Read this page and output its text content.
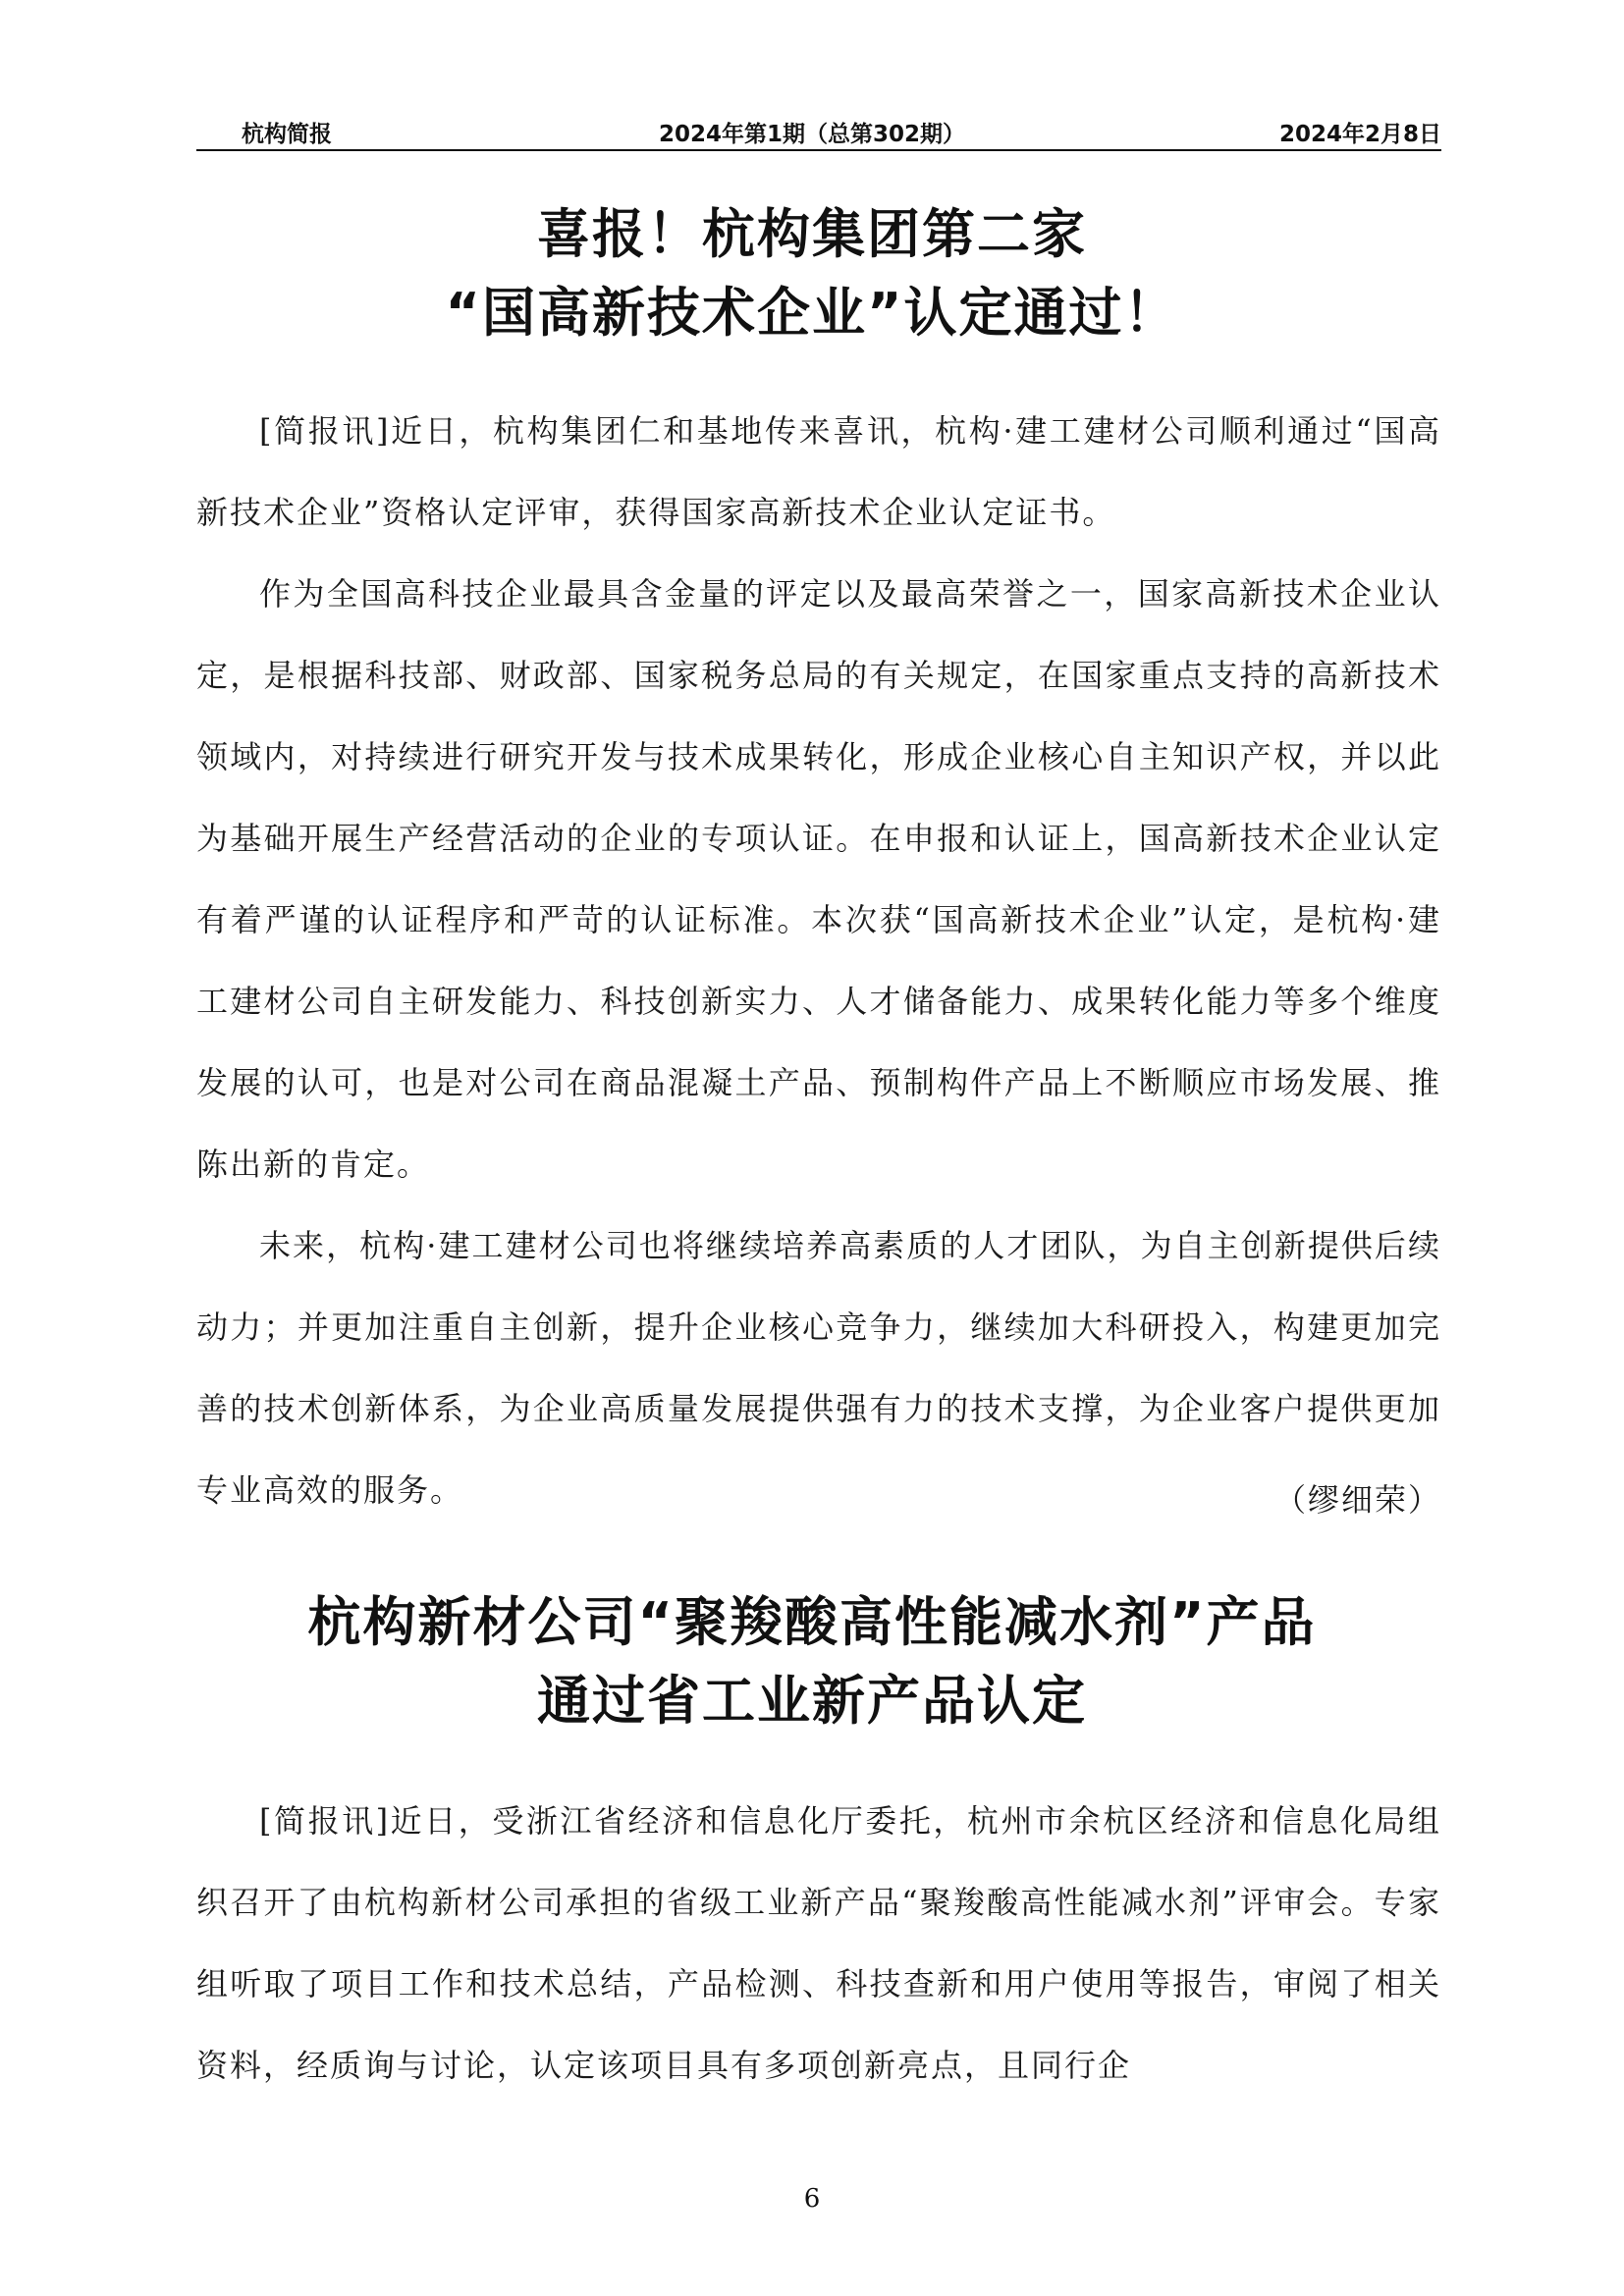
杭构简报	2024年第1期（总第302期）	2024年2月8日
喜报！杭构集团第二家
“国高新技术企业”认定通过！

[简报讯]近日，杭构集团仁和基地传来喜讯，杭构·建工建材公司顺利通过“国高新技术企业”资格认定评审，获得国家高新技术企业认定证书。

作为全国高科技企业最具含金量的评定以及最高荣誉之一，国家高新技术企业认定，是根据科技部、财政部、国家税务总局的有关规定，在国家重点支持的高新技术领域内，对持续进行研究开发与技术成果转化，形成企业核心自主知识产权，并以此为基础开展生产经营活动的企业的专项认证。在申报和认证上，国高新技术企业认定有着严谨的认证程序和严苛的认证标准。本次获“国高新技术企业”认定，是杭构·建工建材公司自主研发能力、科技创新实力、人才储备能力、成果转化能力等多个维度发展的认可，也是对公司在商品混凝土产品、预制构件产品上不断顺应市场发展、推陈出新的肯定。

未来，杭构·建工建材公司也将继续培养高素质的人才团队，为自主创新提供后续动力；并更加注重自主创新，提升企业核心竞争力，继续加大科研投入，构建更加完善的技术创新体系，为企业高质量发展提供强有力的技术支撑，为企业客户提供更加专业高效的服务。	（缪细荣）
杭构新材公司“聚羧酸高性能减水剂”产品
通过省工业新产品认定

[简报讯]近日，受浙江省经济和信息化厅委托，杭州市余杭区经济和信息化局组织召开了由杭构新材公司承担的省级工业新产品“聚羧酸高性能减水剂”评审会。专家组听取了项目工作和技术总结，产品检测、科技查新和用户使用等报告，审阅了相关资料，经质询与讨论，认定该项目具有多项创新亮点，且同行企

6
